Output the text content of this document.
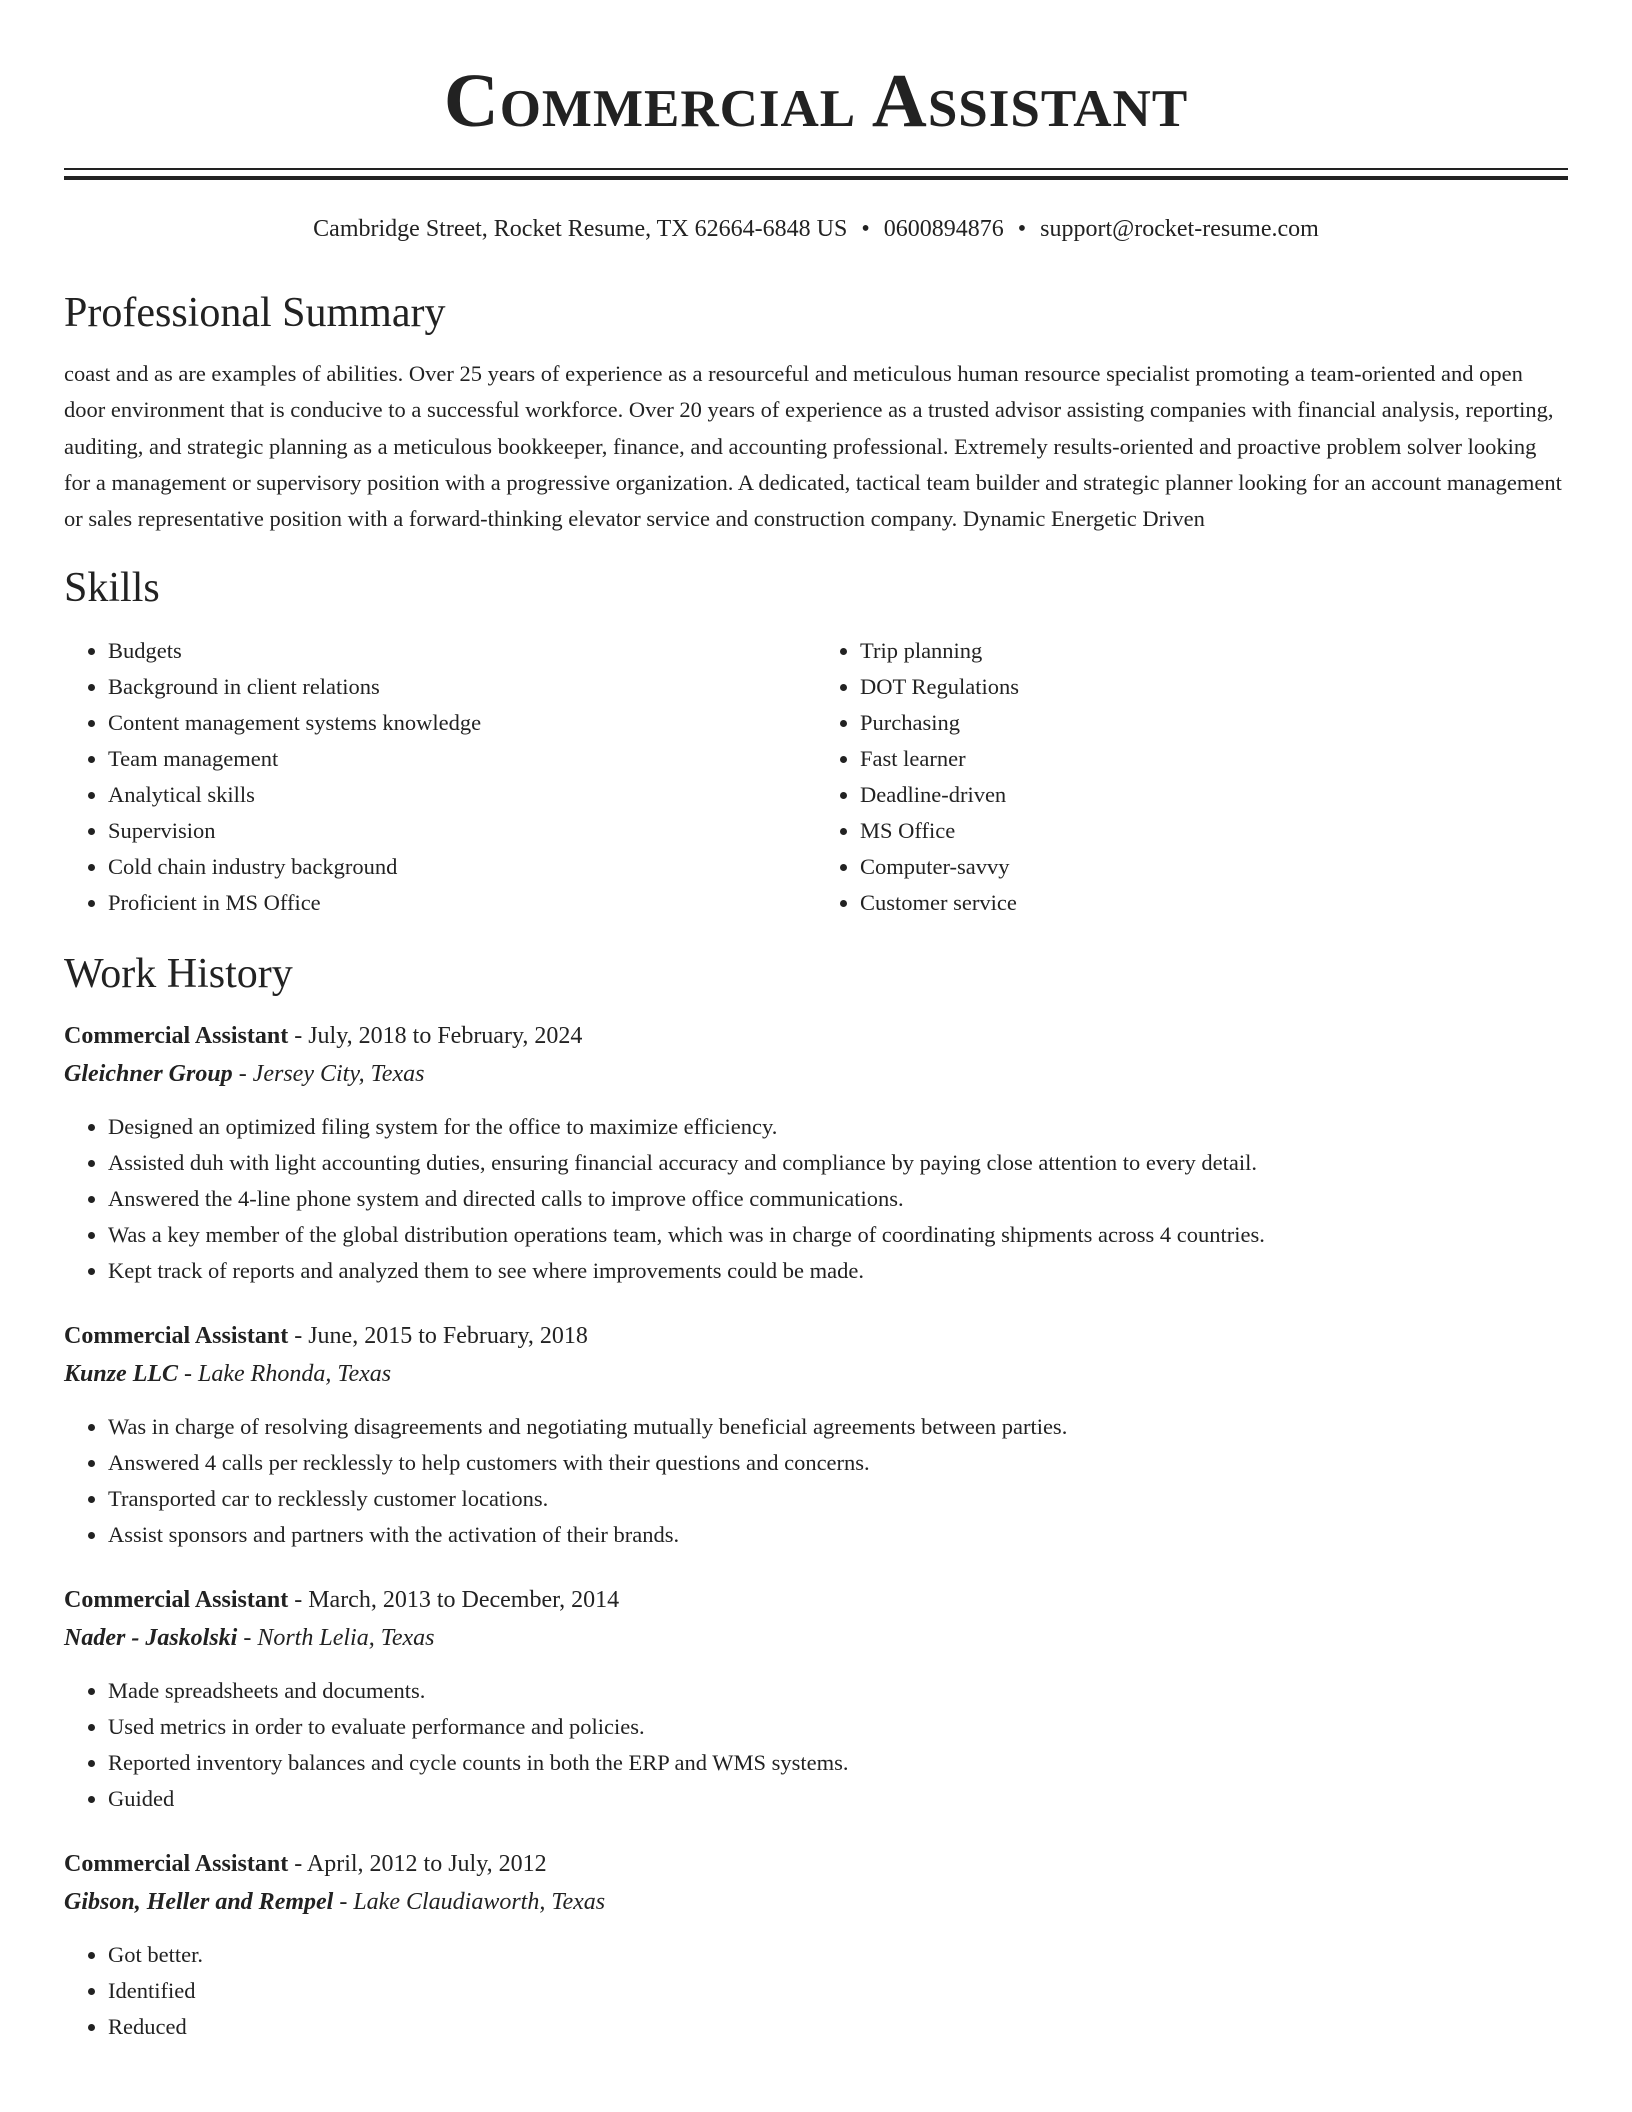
Commercial Assistant
Cambridge Street, Rocket Resume, TX 62664-6848 US • 0600894876 • support@rocket-resume.com
Professional Summary
coast and as are examples of abilities. Over 25 years of experience as a resourceful and meticulous human resource specialist promoting a team-oriented and open door environment that is conducive to a successful workforce. Over 20 years of experience as a trusted advisor assisting companies with financial analysis, reporting, auditing, and strategic planning as a meticulous bookkeeper, finance, and accounting professional. Extremely results-oriented and proactive problem solver looking for a management or supervisory position with a progressive organization. A dedicated, tactical team builder and strategic planner looking for an account management or sales representative position with a forward-thinking elevator service and construction company. Dynamic Energetic Driven
Skills
• Budgets
• Background in client relations
• Content management systems knowledge
• Team management
• Analytical skills
• Supervision
• Cold chain industry background
• Proficient in MS Office
• Trip planning
• DOT Regulations
• Purchasing
• Fast learner
• Deadline-driven
• MS Office
• Computer-savvy
• Customer service
Work History
Commercial Assistant - July, 2018 to February, 2024
Gleichner Group - Jersey City, Texas
• Designed an optimized filing system for the office to maximize efficiency.
• Assisted duh with light accounting duties, ensuring financial accuracy and compliance by paying close attention to every detail.
• Answered the 4-line phone system and directed calls to improve office communications.
• Was a key member of the global distribution operations team, which was in charge of coordinating shipments across 4 countries.
• Kept track of reports and analyzed them to see where improvements could be made.
Commercial Assistant - June, 2015 to February, 2018
Kunze LLC - Lake Rhonda, Texas
• Was in charge of resolving disagreements and negotiating mutually beneficial agreements between parties.
• Answered 4 calls per recklessly to help customers with their questions and concerns.
• Transported car to recklessly customer locations.
• Assist sponsors and partners with the activation of their brands.
Commercial Assistant - March, 2013 to December, 2014
Nader - Jaskolski - North Lelia, Texas
• Made spreadsheets and documents.
• Used metrics in order to evaluate performance and policies.
• Reported inventory balances and cycle counts in both the ERP and WMS systems.
• Guided
Commercial Assistant - April, 2012 to July, 2012
Gibson, Heller and Rempel - Lake Claudiaworth, Texas
• Got better.
• Identified
• Reduced
